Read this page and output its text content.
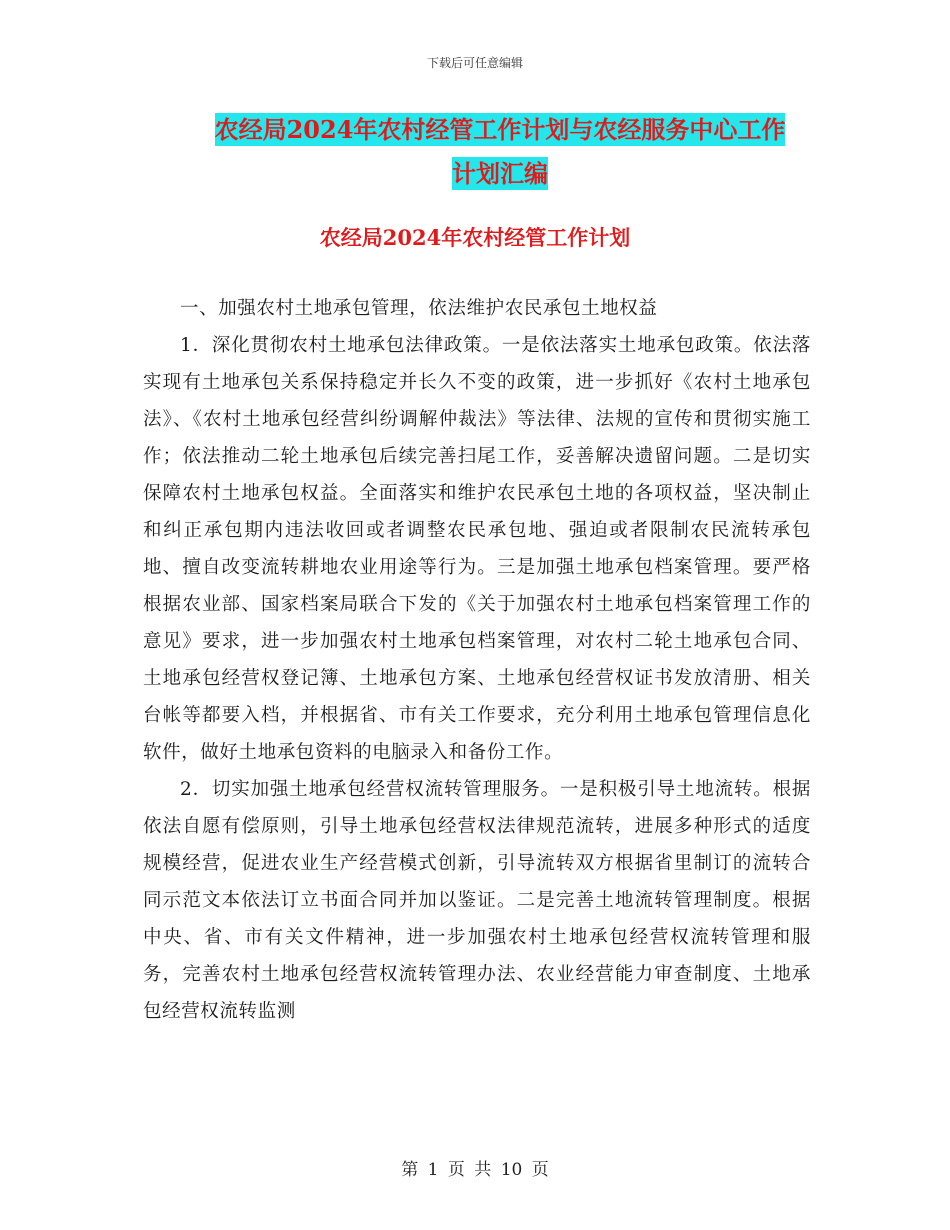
下载后可任意编辑
农经局2024年农村经管工作计划与农经服务中心工作
计划汇编
农经局2024年农村经管工作计划

一、加强农村土地承包管理，依法维护农民承包土地权益

1．深化贯彻农村土地承包法律政策。一是依法落实土地承包政策。依法落实现有土地承包关系保持稳定并长久不变的政策，进一步抓好《农村土地承包法》、《农村土地承包经营纠纷调解仲裁法》等法律、法规的宣传和贯彻实施工作；依法推动二轮土地承包后续完善扫尾工作，妥善解决遗留问题。二是切实保障农村土地承包权益。全面落实和维护农民承包土地的各项权益，坚决制止和纠正承包期内违法收回或者调整农民承包地、强迫或者限制农民流转承包地、擅自改变流转耕地农业用途等行为。三是加强土地承包档案管理。要严格根据农业部、国家档案局联合下发的《关于加强农村土地承包档案管理工作的意见》要求，进一步加强农村土地承包档案管理，对农村二轮土地承包合同、土地承包经营权登记簿、土地承包方案、土地承包经营权证书发放清册、相关台帐等都要入档，并根据省、市有关工作要求，充分利用土地承包管理信息化软件，做好土地承包资料的电脑录入和备份工作。

2．切实加强土地承包经营权流转管理服务。一是积极引导土地流转。根据依法自愿有偿原则，引导土地承包经营权法律规范流转，进展多种形式的适度规模经营，促进农业生产经营模式创新，引导流转双方根据省里制订的流转合同示范文本依法订立书面合同并加以鉴证。二是完善土地流转管理制度。根据中央、省、市有关文件精神，进一步加强农村土地承包经营权流转管理和服务，完善农村土地承包经营权流转管理办法、农业经营能力审查制度、土地承包经营权流转监测

第 1 页 共 10 页
